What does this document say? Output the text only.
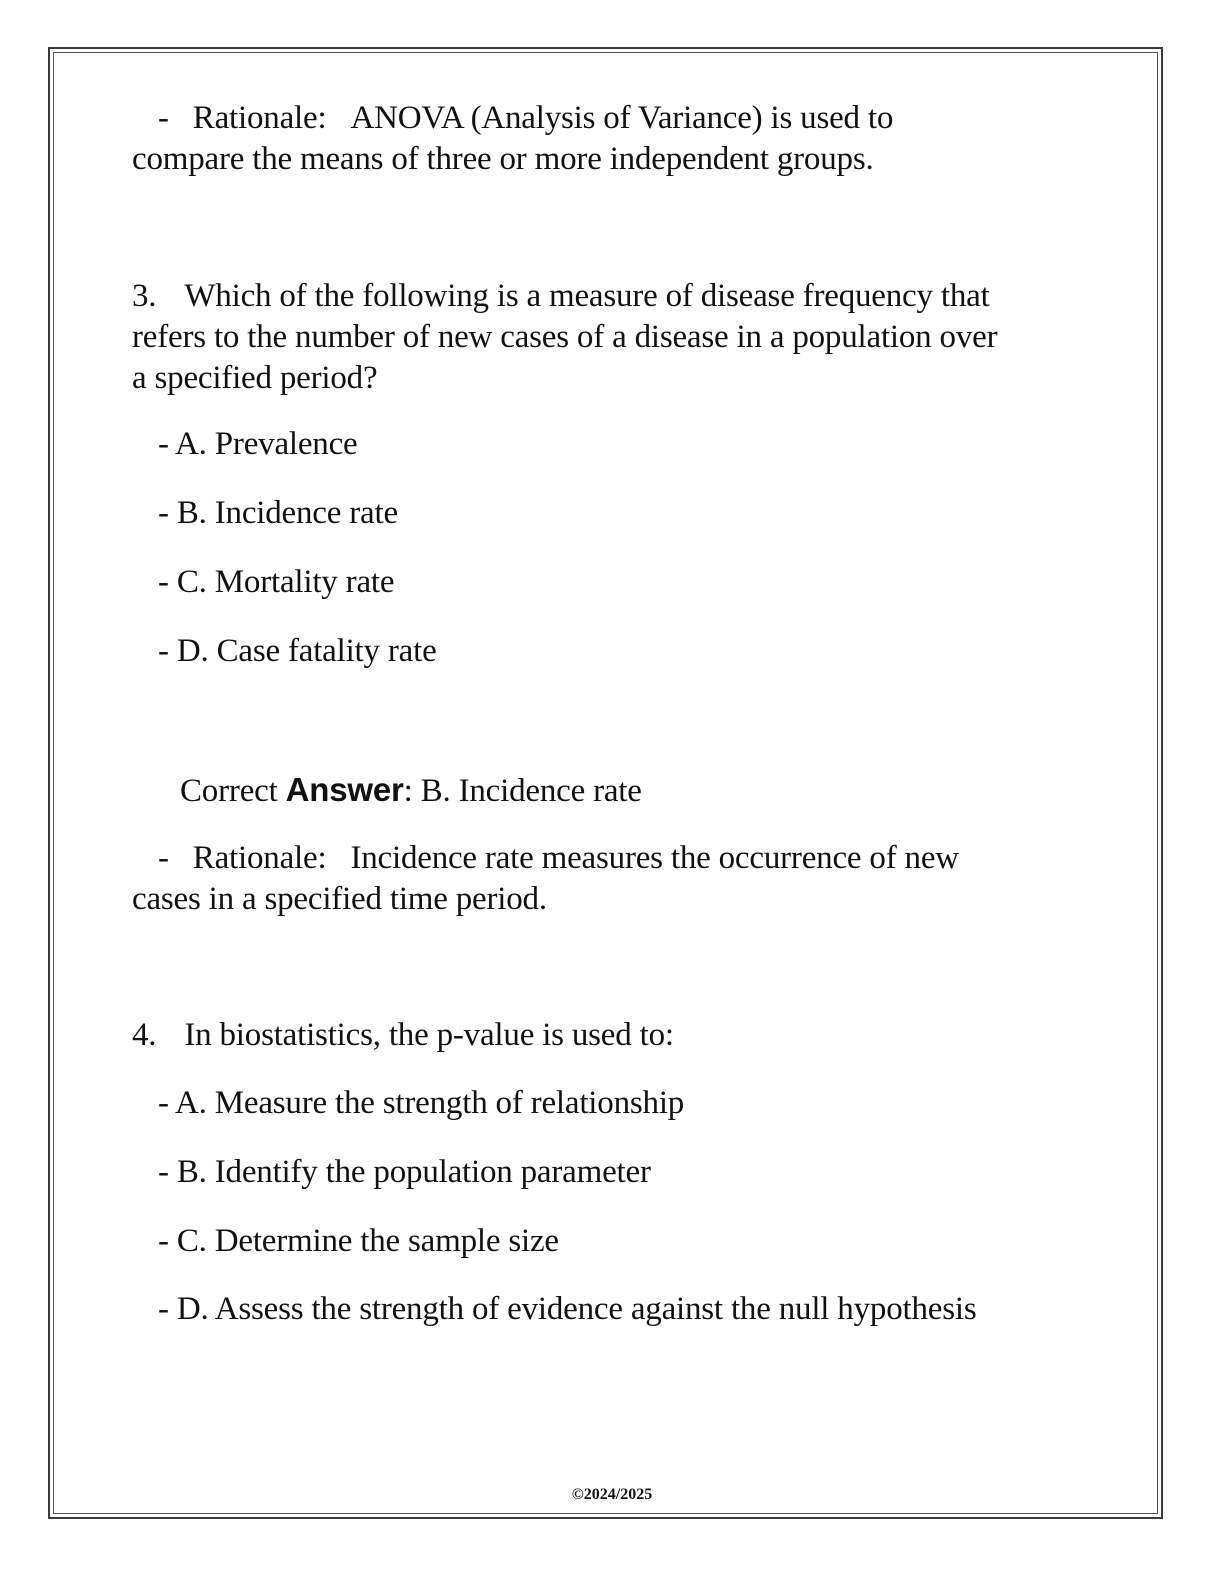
- Rationale: ANOVA (Analysis of Variance) is used to
compare the means of three or more independent groups.
3. Which of the following is a measure of disease frequency that
refers to the number of new cases of a disease in a population over
a specified period?
- A. Prevalence
- B. Incidence rate
- C. Mortality rate
- D. Case fatality rate
Correct Answer: B. Incidence rate
- Rationale: Incidence rate measures the occurrence of new
cases in a specified time period.
4. In biostatistics, the p-value is used to:
- A. Measure the strength of relationship
- B. Identify the population parameter
- C. Determine the sample size
- D. Assess the strength of evidence against the null hypothesis
©2024/2025
